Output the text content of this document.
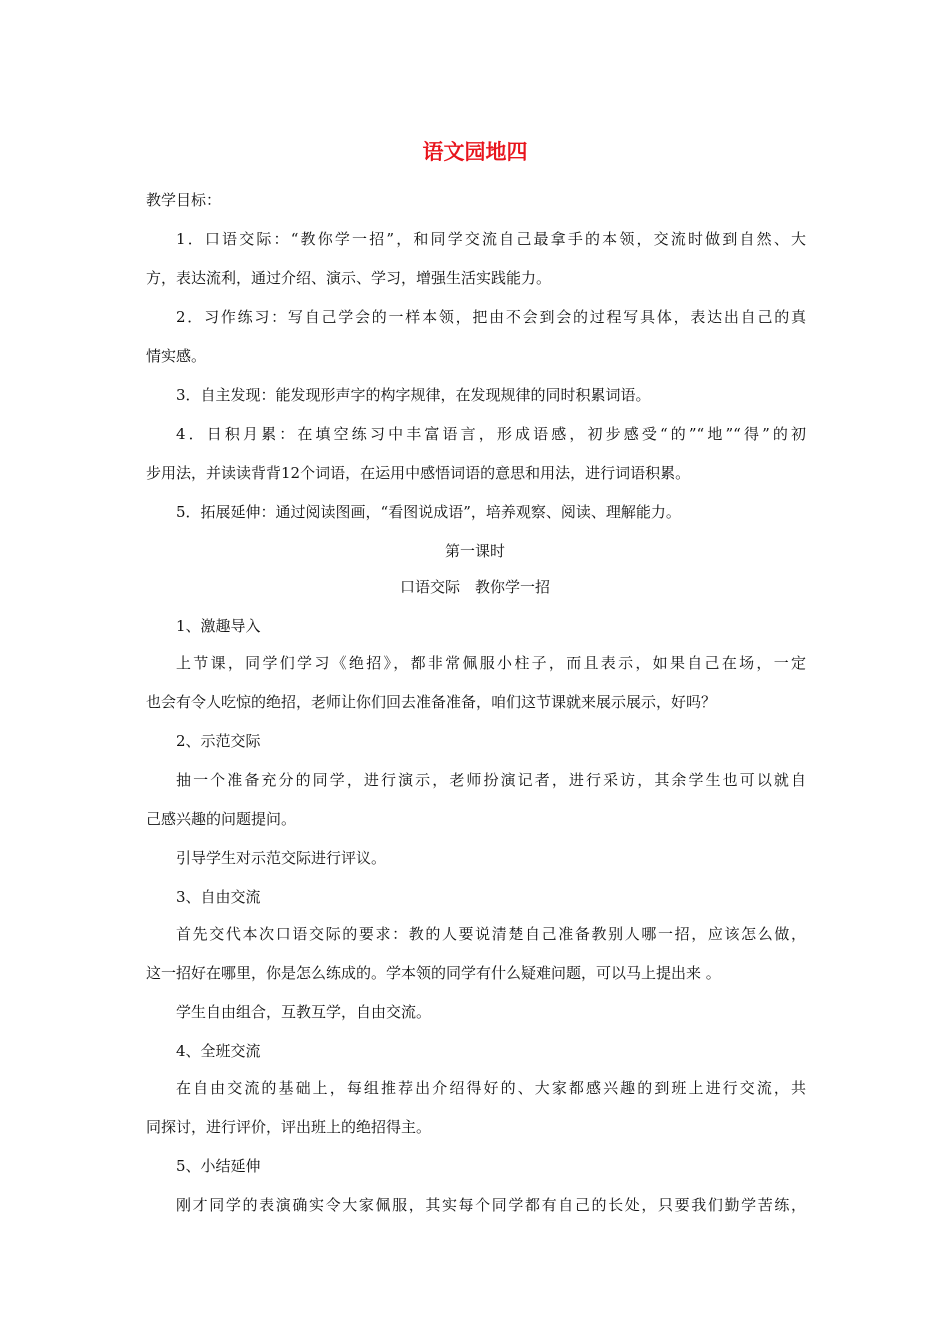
语文园地四
教学目标：
1．口语交际：“教你学一招”，和同学交流自己最拿手的本领，交流时做到自然、大
方，表达流利，通过介绍、演示、学习，增强生活实践能力。
2．习作练习：写自己学会的一样本领，把由不会到会的过程写具体，表达出自己的真
情实感。
3．自主发现：能发现形声字的构字规律，在发现规律的同时积累词语。
4．日积月累：在填空练习中丰富语言，形成语感，初步感受“的”“地”“得”的初
步用法，并读读背背12个词语，在运用中感悟词语的意思和用法，进行词语积累。
5．拓展延伸：通过阅读图画，“看图说成语”，培养观察、阅读、理解能力。
第一课时
口语交际　教你学一招
1、激趣导入
上节课，同学们学习《绝招》，都非常佩服小柱子，而且表示，如果自己在场，一定
也会有令人吃惊的绝招，老师让你们回去准备准备，咱们这节课就来展示展示，好吗？
2、示范交际
抽一个准备充分的同学，进行演示，老师扮演记者，进行采访，其余学生也可以就自
己感兴趣的问题提问。
引导学生对示范交际进行评议。
3、自由交流
首先交代本次口语交际的要求：教的人要说清楚自己准备教别人哪一招，应该怎么做，
这一招好在哪里，你是怎么练成的。学本领的同学有什么疑难问题，可以马上提出来 。
学生自由组合，互教互学，自由交流。
4、全班交流
在自由交流的基础上，每组推荐出介绍得好的、大家都感兴趣的到班上进行交流，共
同探讨，进行评价，评出班上的绝招得主。
5、小结延伸
刚才同学的表演确实令大家佩服，其实每个同学都有自己的长处，只要我们勤学苦练，
